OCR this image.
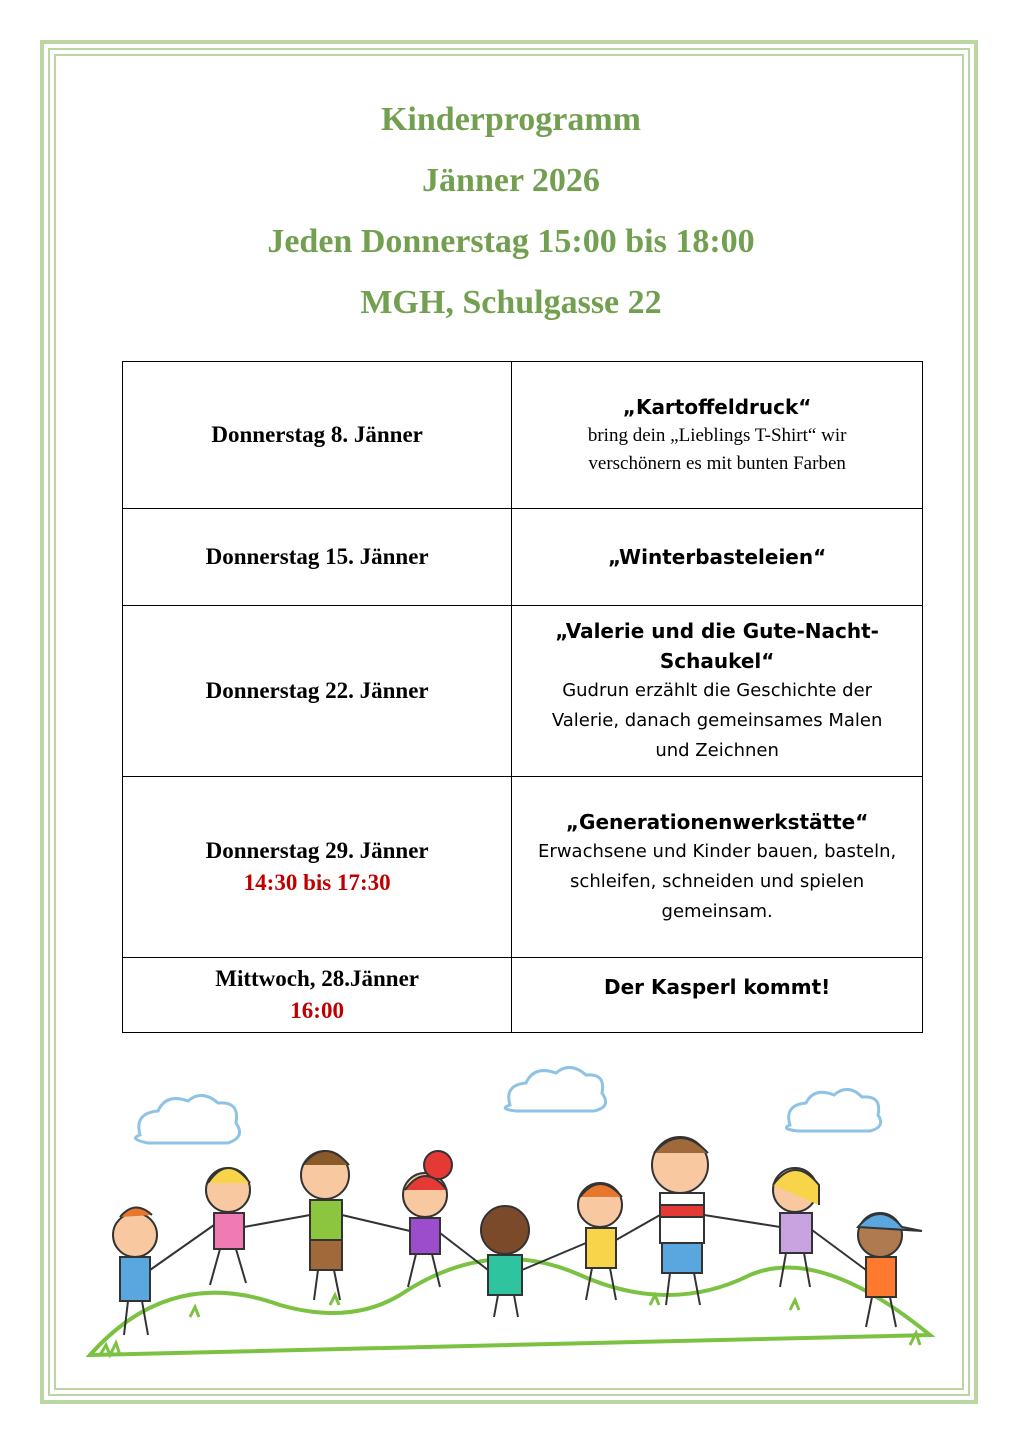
Kinderprogramm
Jänner 2026
Jeden Donnerstag 15:00 bis 18:00
MGH, Schulgasse 22
Donnerstag 8. Jänner	„Kartoffeldruck“
bring dein „Lieblings T-Shirt“ wir
verschönern es mit bunten Farben

Donnerstag 15. Jänner	„Winterbasteleien“

Donnerstag 22. Jänner	„Valerie und die Gute-Nacht-
Schaukel“
Gudrun erzählt die Geschichte der
Valerie, danach gemeinsames Malen
und Zeichnen

Donnerstag 29. Jänner
14:30 bis 17:30	„Generationenwerkstätte“
Erwachsene und Kinder bauen, basteln,
schleifen, schneiden und spielen
gemeinsam.

Mittwoch, 28.Jänner
16:00	Der Kasperl kommt!
